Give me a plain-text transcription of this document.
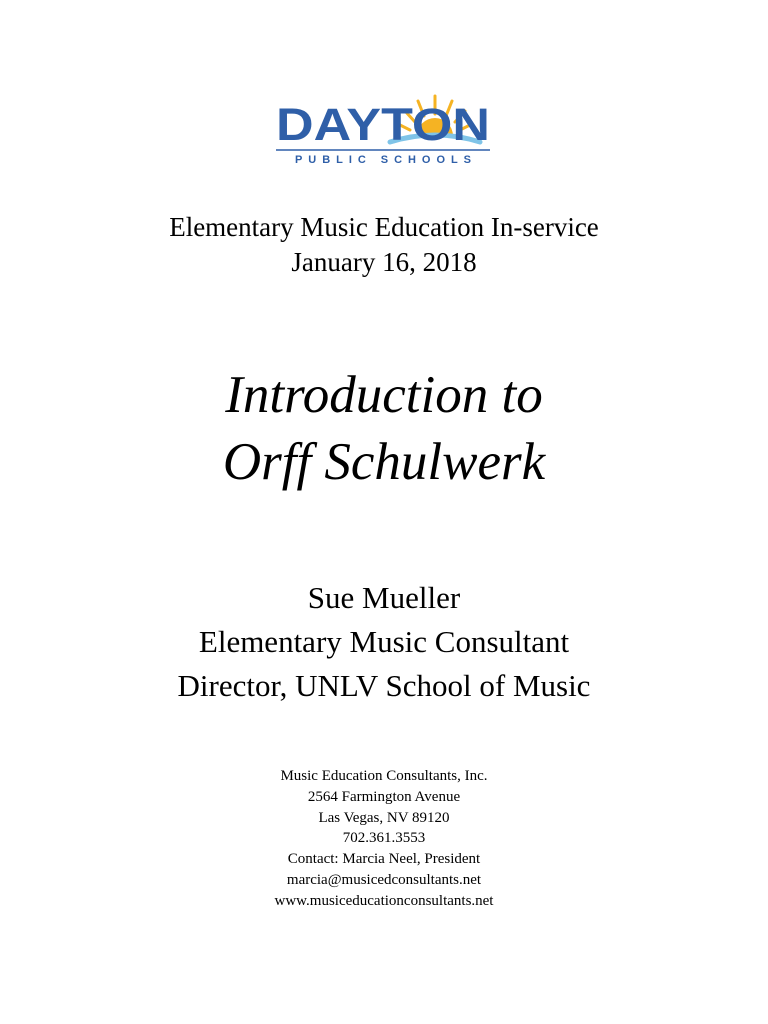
DAYTON
PUBLIC SCHOOLS
Elementary Music Education In-service
January 16, 2018
Introduction to
Orff Schulwerk
Sue Mueller
Elementary Music Consultant
Director, UNLV School of Music
Music Education Consultants, Inc.
2564 Farmington Avenue
Las Vegas, NV 89120
702.361.3553
Contact: Marcia Neel, President
marcia@musicedconsultants.net
www.musiceducationconsultants.net
